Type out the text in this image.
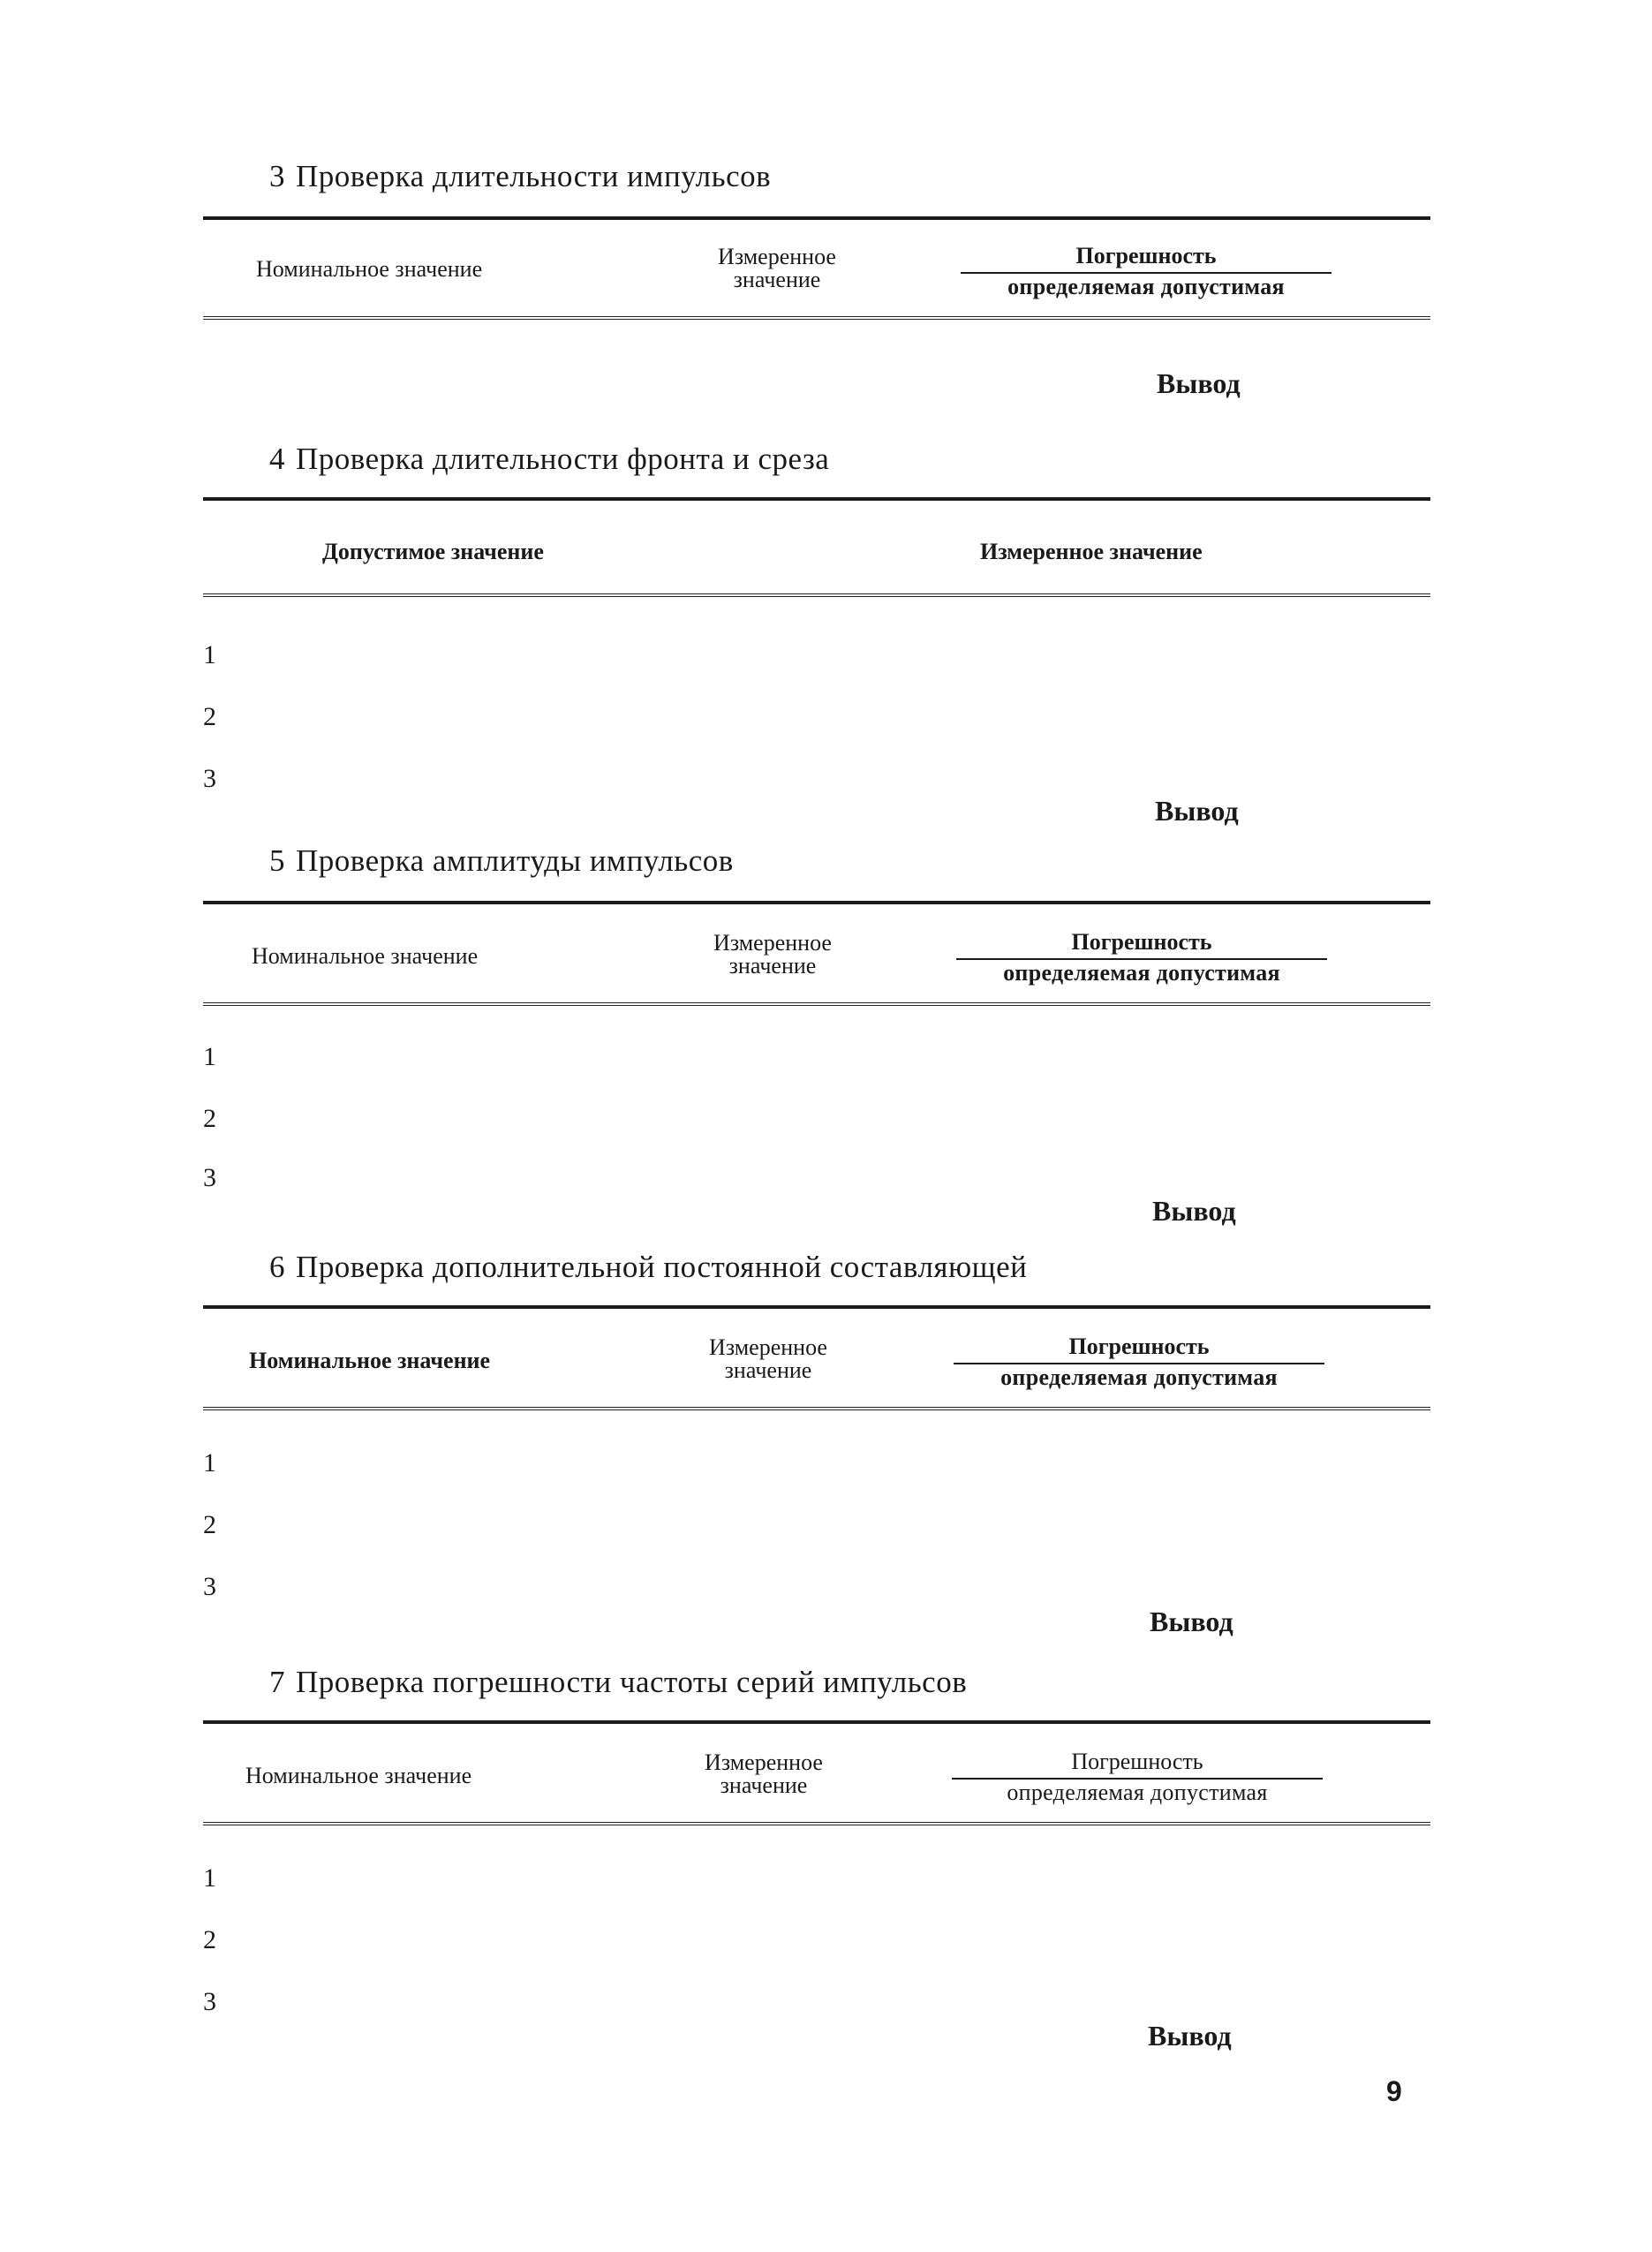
3 Проверка длительности импульсов
Номинальное значение	Измеренное
значение
Погрешность
определяемая допустимая
Вывод
4 Проверка длительности фронта и среза
Допустимое значение	Измеренное значение
1
2
3
Вывод
5 Проверка амплитуды импульсов
Номинальное значение
Измеренное
значение
Погрешность
определяемая допустимая
1
2
3
Вывод
6 Проверка дополнительной постоянной составляющей
Номинальное значение
Измеренное
значение
Погрешность
определяемая допустимая
1
2
3
Вывод
7 Проверка погрешности частоты серий импульсов
Номинальное значение
Измеренное
значение
Погрешность
определяемая допустимая
1
2
3
Вывод
9
